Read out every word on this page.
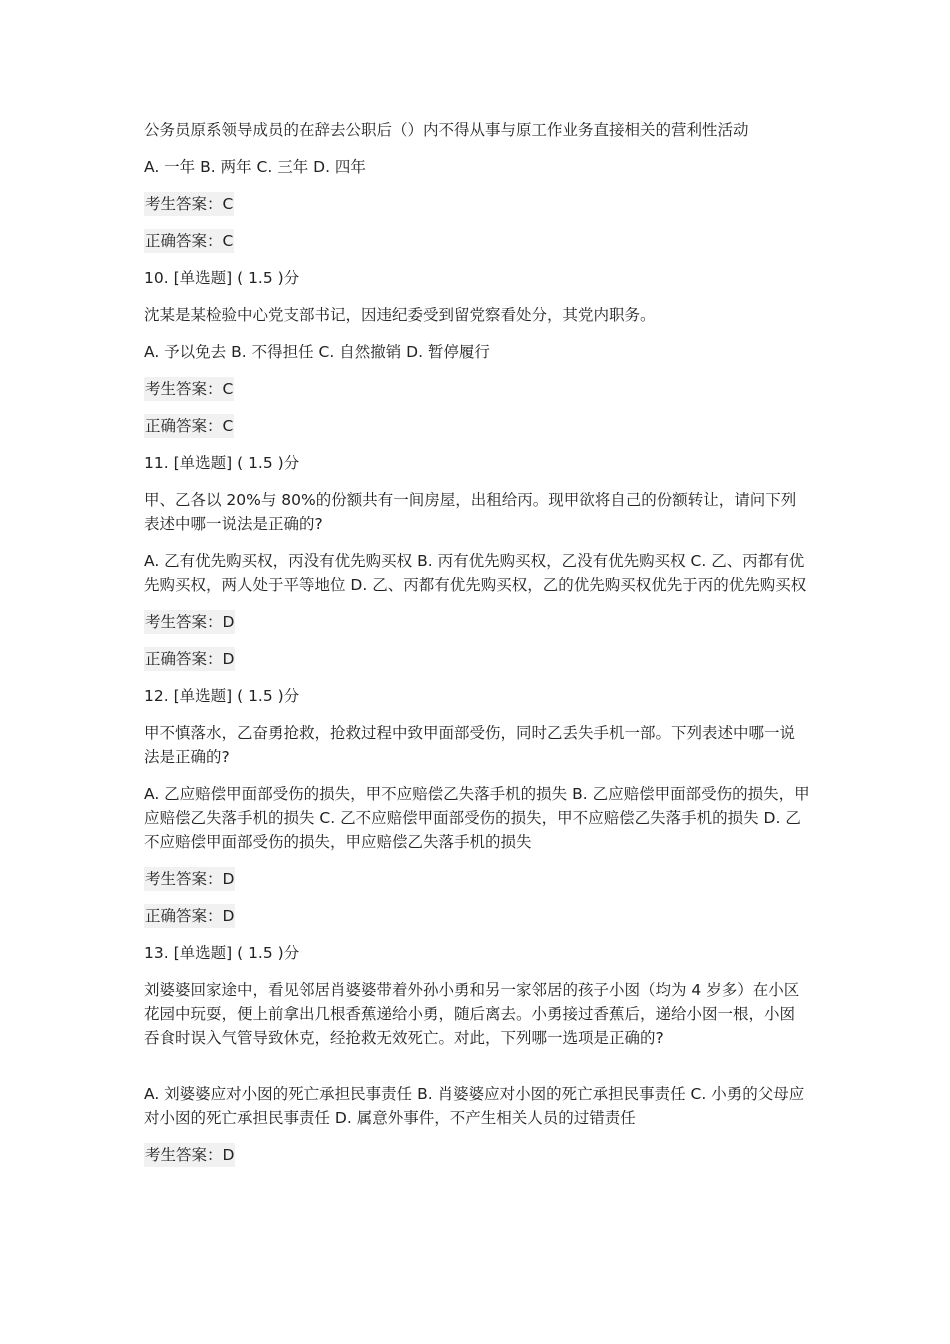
公务员原系领导成员的在辞去公职后（）内不得从事与原工作业务直接相关的营利性活动
A. 一年 B. 两年 C. 三年 D. 四年
考生答案：C
正确答案：C
10. [单选题] ( 1.5 )分
沈某是某检验中心党支部书记，因违纪委受到留党察看处分，其党内职务。
A. 予以免去 B. 不得担任 C. 自然撤销 D. 暂停履行
考生答案：C
正确答案：C
11. [单选题] ( 1.5 )分
甲、乙各以 20%与 80%的份额共有一间房屋，出租给丙。现甲欲将自己的份额转让，请问下列表述中哪一说法是正确的?
A. 乙有优先购买权，丙没有优先购买权 B. 丙有优先购买权，乙没有优先购买权 C. 乙、丙都有优先购买权，两人处于平等地位 D. 乙、丙都有优先购买权，乙的优先购买权优先于丙的优先购买权
考生答案：D
正确答案：D
12. [单选题] ( 1.5 )分
甲不慎落水，乙奋勇抢救，抢救过程中致甲面部受伤，同时乙丢失手机一部。下列表述中哪一说法是正确的?
A. 乙应赔偿甲面部受伤的损失，甲不应赔偿乙失落手机的损失 B. 乙应赔偿甲面部受伤的损失，甲应赔偿乙失落手机的损失 C. 乙不应赔偿甲面部受伤的损失，甲不应赔偿乙失落手机的损失 D. 乙不应赔偿甲面部受伤的损失，甲应赔偿乙失落手机的损失
考生答案：D
正确答案：D
13. [单选题] ( 1.5 )分
刘婆婆回家途中，看见邻居肖婆婆带着外孙小勇和另一家邻居的孩子小囡（均为 4 岁多）在小区花园中玩耍，便上前拿出几根香蕉递给小勇，随后离去。小勇接过香蕉后，递给小囡一根，小囡吞食时误入气管导致休克，经抢救无效死亡。对此，下列哪一选项是正确的?
A. 刘婆婆应对小囡的死亡承担民事责任 B. 肖婆婆应对小囡的死亡承担民事责任 C. 小勇的父母应对小囡的死亡承担民事责任 D. 属意外事件，不产生相关人员的过错责任
考生答案：D
